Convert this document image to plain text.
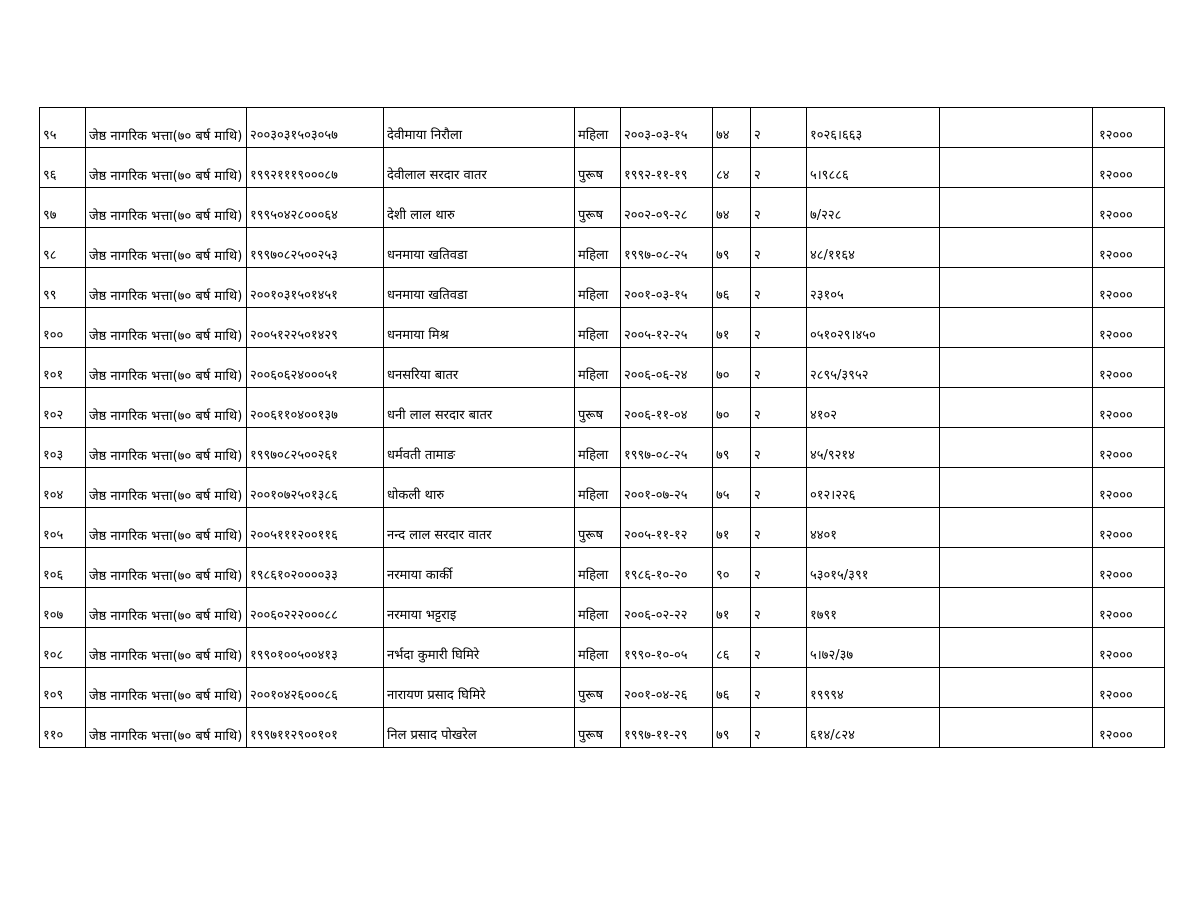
९५	जेष्ठ नागरिक भत्ता(७० बर्ष माथि)	२००३०३१५०३०५७	देवीमाया निरौला	महिला	२००३-०३-१५	७४	२	१०२६।६६३		१२०००
९६	जेष्ठ नागरिक भत्ता(७० बर्ष माथि)	१९९२१११९०००८७	देवीलाल सरदार वातर	पुरूष	१९९२-११-१९	८४	२	५।९८८६		१२०००
९७	जेष्ठ नागरिक भत्ता(७० बर्ष माथि)	१९९५०४२८०००६४	देशी लाल थारु	पुरूष	२००२-०९-२८	७४	२	७/२२८		१२०००
९८	जेष्ठ नागरिक भत्ता(७० बर्ष माथि)	१९९७०८२५००२५३	धनमाया खतिवडा	महिला	१९९७-०८-२५	७९	२	४८/११६४		१२०००
९९	जेष्ठ नागरिक भत्ता(७० बर्ष माथि)	२००१०३१५०१४५१	धनमाया खतिवडा	महिला	२००१-०३-१५	७६	२	२३१०५		१२०००
१००	जेष्ठ नागरिक भत्ता(७० बर्ष माथि)	२००५१२२५०१४२९	धनमाया मिश्र	महिला	२००५-१२-२५	७१	२	०५१०२९।४५०		१२०००
१०१	जेष्ठ नागरिक भत्ता(७० बर्ष माथि)	२००६०६२४०००५१	धनसरिया बातर	महिला	२००६-०६-२४	७०	२	२८९५/३९५२		१२०००
१०२	जेष्ठ नागरिक भत्ता(७० बर्ष माथि)	२००६११०४००१३७	धनी लाल सरदार बातर	पुरूष	२००६-११-०४	७०	२	४१०२		१२०००
१०३	जेष्ठ नागरिक भत्ता(७० बर्ष माथि)	१९९७०८२५००२६१	धर्मवती तामाङ	महिला	१९९७-०८-२५	७९	२	४५/९२१४		१२०००
१०४	जेष्ठ नागरिक भत्ता(७० बर्ष माथि)	२००१०७२५०१३८६	धोकली थारु	महिला	२००१-०७-२५	७५	२	०१२।२२६		१२०००
१०५	जेष्ठ नागरिक भत्ता(७० बर्ष माथि)	२००५१११२००११६	नन्द लाल सरदार वातर	पुरूष	२००५-११-१२	७१	२	४४०१		१२०००
१०६	जेष्ठ नागरिक भत्ता(७० बर्ष माथि)	१९८६१०२००००३३	नरमाया कार्की	महिला	१९८६-१०-२०	९०	२	५३०१५/३९१		१२०००
१०७	जेष्ठ नागरिक भत्ता(७० बर्ष माथि)	२००६०२२२०००८८	नरमाया भट्टराइ	महिला	२००६-०२-२२	७१	२	१७९१		१२०००
१०८	जेष्ठ नागरिक भत्ता(७० बर्ष माथि)	१९९०१००५००४१३	नर्भदा कुमारी घिमिरे	महिला	१९९०-१०-०५	८६	२	५।७२/३७		१२०००
१०९	जेष्ठ नागरिक भत्ता(७० बर्ष माथि)	२००१०४२६०००८६	नारायण प्रसाद घिमिरे	पुरूष	२००१-०४-२६	७६	२	१९९९४		१२०००
११०	जेष्ठ नागरिक भत्ता(७० बर्ष माथि)	१९९७११२९००१०१	निल प्रसाद पोखरेल	पुरूष	१९९७-११-२९	७९	२	६१४/८२४		१२०००
